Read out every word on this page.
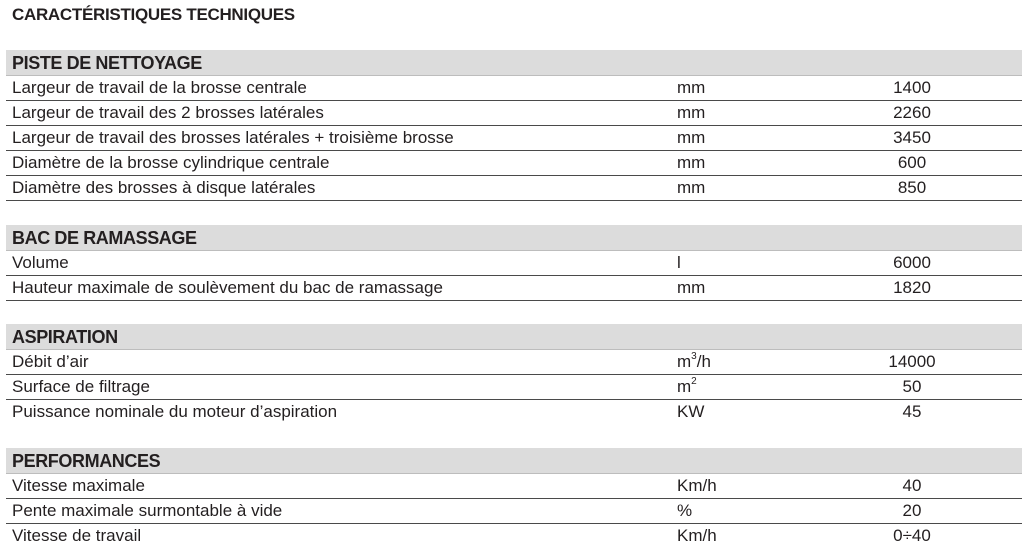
CARACTÉRISTIQUES TECHNIQUES
PISTE DE NETTOYAGE
Largeur de travail de la brosse centrale	mm	1400
Largeur de travail des 2 brosses latérales	mm	2260
Largeur de travail des brosses latérales + troisième brosse	mm	3450
Diamètre de la brosse cylindrique centrale	mm	600
Diamètre des brosses à disque latérales	mm	850
BAC DE RAMASSAGE
Volume	l	6000
Hauteur maximale de soulèvement du bac de ramassage	mm	1820
ASPIRATION
Débit d’air	$m^3/h$	14000
Surface de filtrage	$m^2$	50
Puissance nominale du moteur d’aspiration	KW	45
PERFORMANCES
Vitesse maximale	Km/h	40
Pente maximale surmontable à vide	%	20
Vitesse de travail	Km/h	0÷40
